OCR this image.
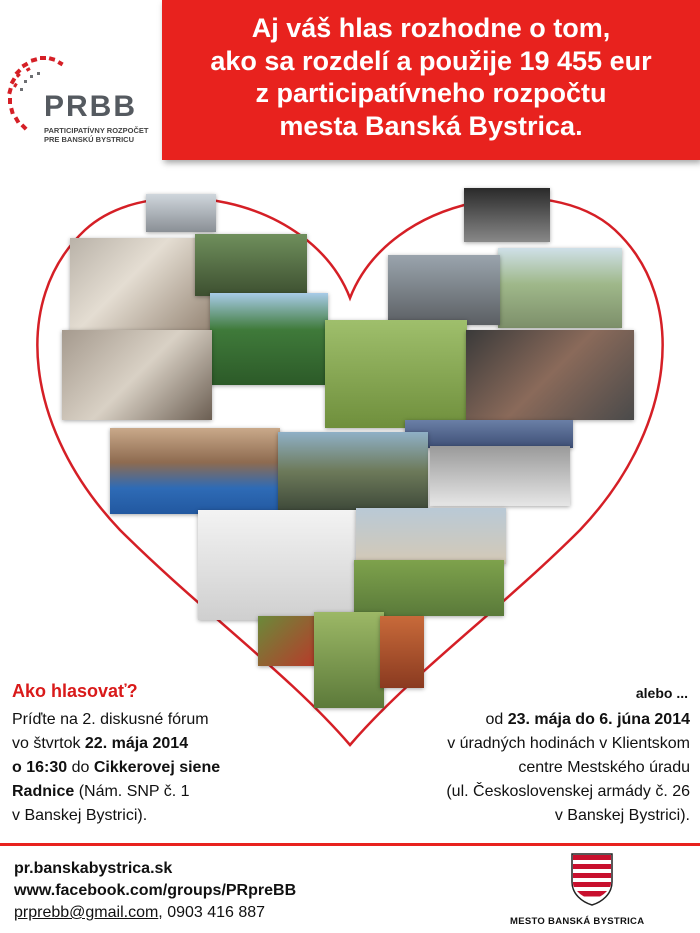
PRBB
PARTICIPATÍVNY ROZPOČET
PRE BANSKÚ BYSTRICU
Aj váš hlas rozhodne o tom,
ako sa rozdelí a použije 19 455 eur
z participatívneho rozpočtu
mesta Banská Bystrica.
Ako hlasovať?
Príďte na 2. diskusné fórum
vo štvrtok 22. mája 2014
o 16:30 do Cikkerovej siene
Radnice (Nám. SNP č. 1
v Banskej Bystrici).
alebo ...
od 23. mája do 6. júna 2014
v úradných hodinách v Klientskom
centre Mestského úradu
(ul. Československej armády č. 26
v Banskej Bystrici).
pr.banskabystrica.sk
www.facebook.com/groups/PRpreBB
prprebb@gmail.com, 0903 416 887
MESTO BANSKÁ BYSTRICA
